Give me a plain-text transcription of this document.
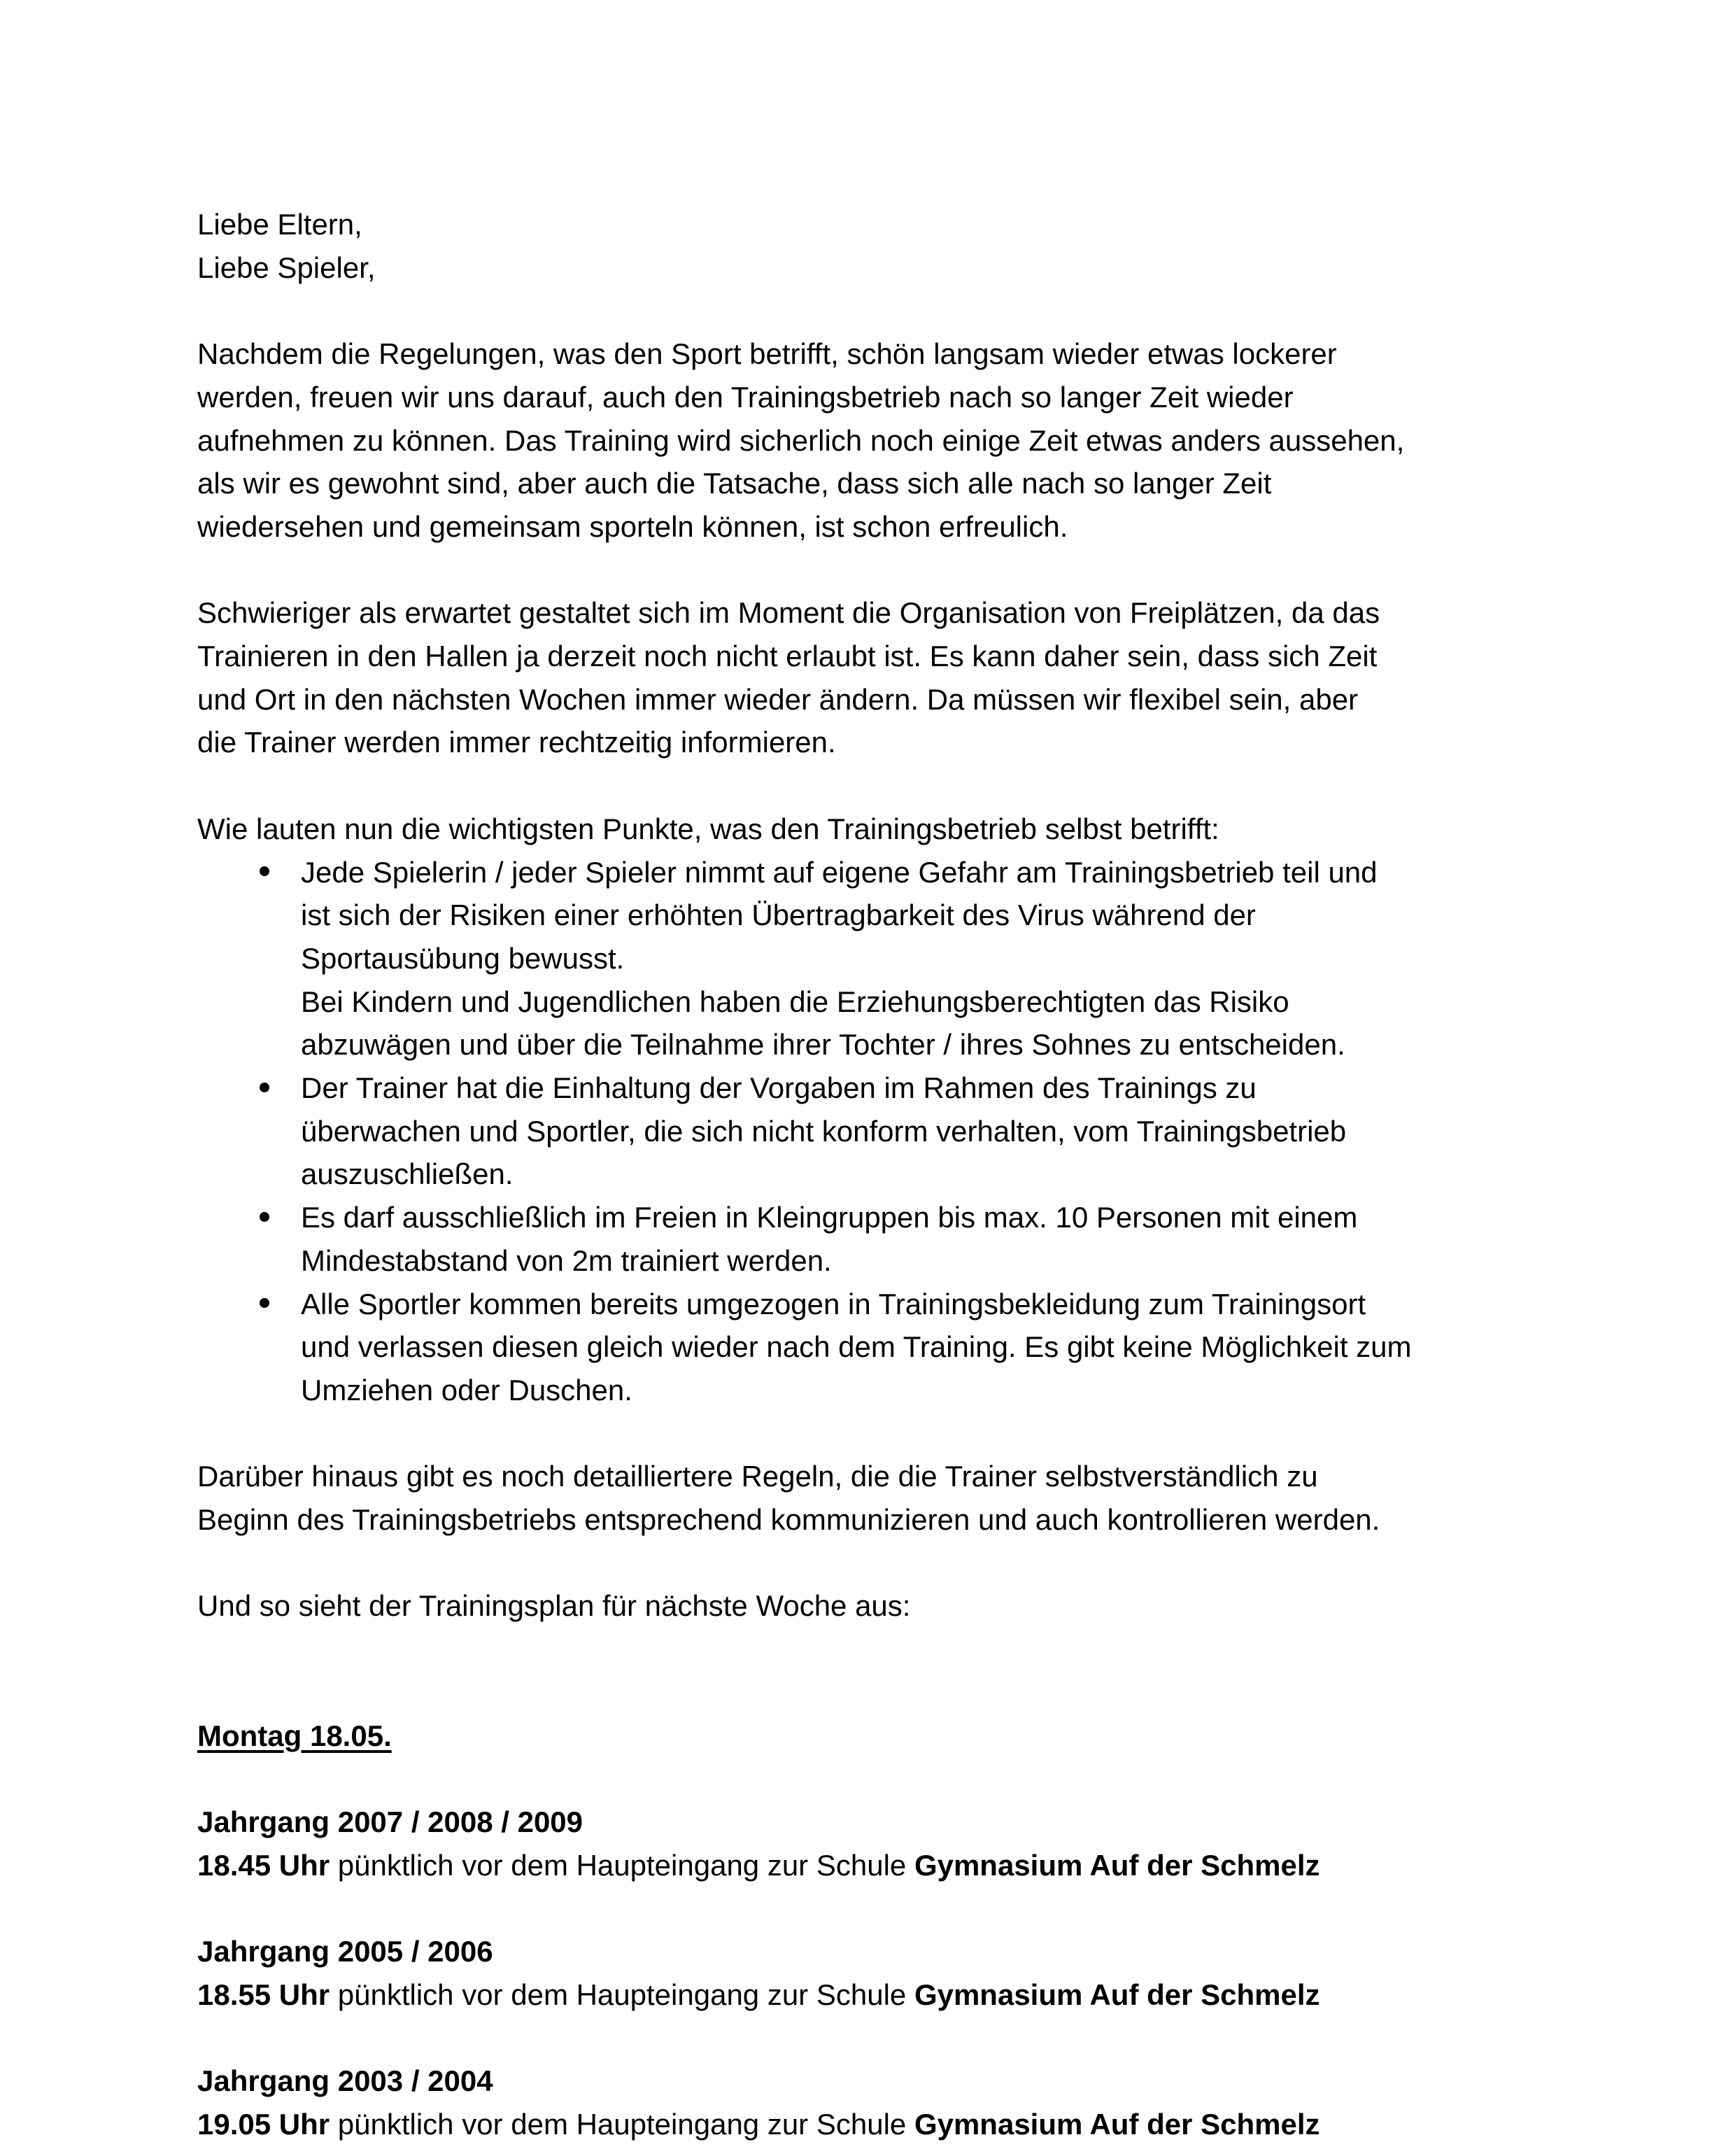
Liebe Eltern,
Liebe Spieler,
Nachdem die Regelungen, was den Sport betrifft, schön langsam wieder etwas lockerer
werden, freuen wir uns darauf, auch den Trainingsbetrieb nach so langer Zeit wieder
aufnehmen zu können. Das Training wird sicherlich noch einige Zeit etwas anders aussehen,
als wir es gewohnt sind, aber auch die Tatsache, dass sich alle nach so langer Zeit
wiedersehen und gemeinsam sporteln können, ist schon erfreulich.
Schwieriger als erwartet gestaltet sich im Moment die Organisation von Freiplätzen, da das
Trainieren in den Hallen ja derzeit noch nicht erlaubt ist. Es kann daher sein, dass sich Zeit
und Ort in den nächsten Wochen immer wieder ändern. Da müssen wir flexibel sein, aber
die Trainer werden immer rechtzeitig informieren.
Wie lauten nun die wichtigsten Punkte, was den Trainingsbetrieb selbst betrifft:
Jede Spielerin / jeder Spieler nimmt auf eigene Gefahr am Trainingsbetrieb teil und
ist sich der Risiken einer erhöhten Übertragbarkeit des Virus während der
Sportausübung bewusst.
Bei Kindern und Jugendlichen haben die Erziehungsberechtigten das Risiko
abzuwägen und über die Teilnahme ihrer Tochter / ihres Sohnes zu entscheiden.
Der Trainer hat die Einhaltung der Vorgaben im Rahmen des Trainings zu
überwachen und Sportler, die sich nicht konform verhalten, vom Trainingsbetrieb
auszuschließen.
Es darf ausschließlich im Freien in Kleingruppen bis max. 10 Personen mit einem
Mindestabstand von 2m trainiert werden.
Alle Sportler kommen bereits umgezogen in Trainingsbekleidung zum Trainingsort
und verlassen diesen gleich wieder nach dem Training. Es gibt keine Möglichkeit zum
Umziehen oder Duschen.
Darüber hinaus gibt es noch detailliertere Regeln, die die Trainer selbstverständlich zu
Beginn des Trainingsbetriebs entsprechend kommunizieren und auch kontrollieren werden.
Und so sieht der Trainingsplan für nächste Woche aus:
Montag 18.05.
Jahrgang 2007 / 2008 / 2009
18.45 Uhr pünktlich vor dem Haupteingang zur Schule Gymnasium Auf der Schmelz
Jahrgang 2005 / 2006
18.55 Uhr pünktlich vor dem Haupteingang zur Schule Gymnasium Auf der Schmelz
Jahrgang 2003 / 2004
19.05 Uhr pünktlich vor dem Haupteingang zur Schule Gymnasium Auf der Schmelz
